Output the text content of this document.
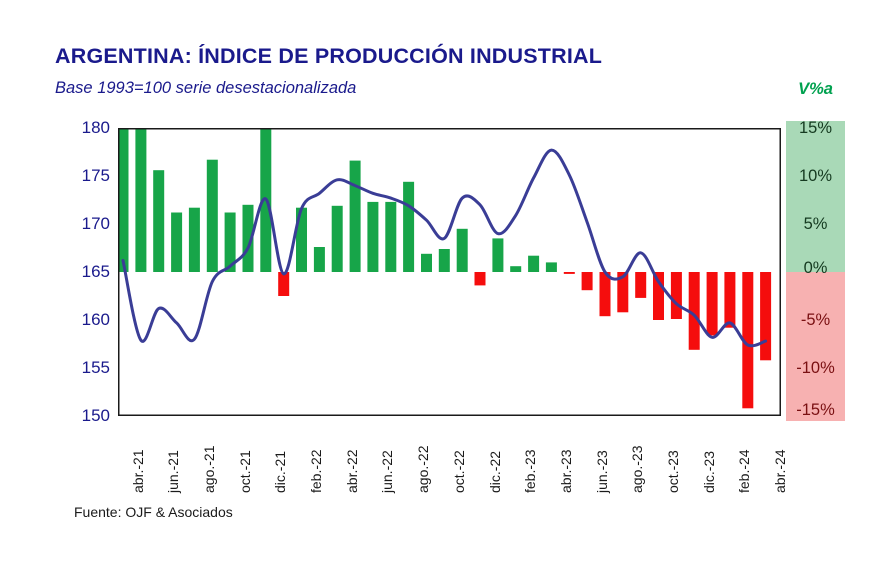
ARGENTINA: ÍNDICE DE PRODUCCIÓN INDUSTRIAL
Base 1993=100 serie desestacionalizada	V%a
180
175
170
165
160
155
150
15%
10%
5%
0%
-5%
-10%
-15%
abr.-21 jun.-21 ago.-21 oct.-21 dic.-21 feb.-22 abr.-22 jun.-22 ago.-22 oct.-22 dic.-22 feb.-23 abr.-23 jun.-23 ago.-23 oct.-23 dic.-23 feb.-24 abr.-24
Fuente: OJF & Asociados
